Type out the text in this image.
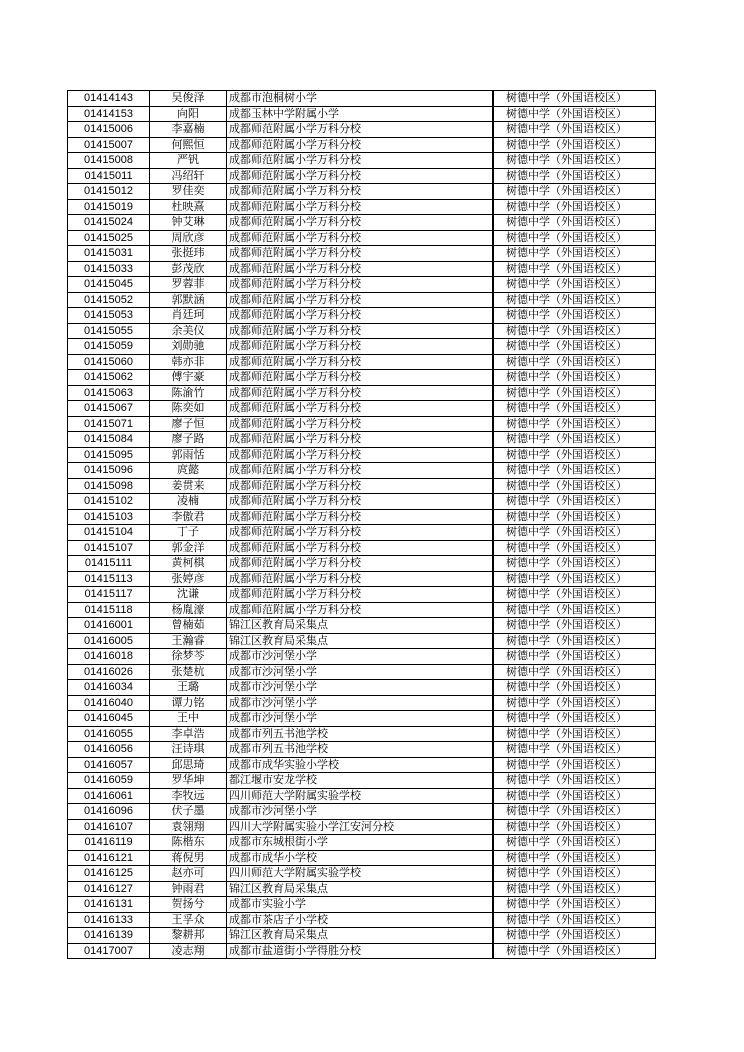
01414143	吴俊泽	成都市泡桐树小学		树德中学（外国语校区）
01414153	向阳	成都玉林中学附属小学		树德中学（外国语校区）
01415006	李嘉楠	成都师范附属小学万科分校		树德中学（外国语校区）
01415007	何熙恒	成都师范附属小学万科分校		树德中学（外国语校区）
01415008	严钒	成都师范附属小学万科分校		树德中学（外国语校区）
01415011	冯绍轩	成都师范附属小学万科分校		树德中学（外国语校区）
01415012	罗佳奕	成都师范附属小学万科分校		树德中学（外国语校区）
01415019	杜映熹	成都师范附属小学万科分校		树德中学（外国语校区）
01415024	钟艾琳	成都师范附属小学万科分校		树德中学（外国语校区）
01415025	周欣彦	成都师范附属小学万科分校		树德中学（外国语校区）
01415031	张挺玮	成都师范附属小学万科分校		树德中学（外国语校区）
01415033	彭茂欣	成都师范附属小学万科分校		树德中学（外国语校区）
01415045	罗蓉菲	成都师范附属小学万科分校		树德中学（外国语校区）
01415052	郭默涵	成都师范附属小学万科分校		树德中学（外国语校区）
01415053	肖廷珂	成都师范附属小学万科分校		树德中学（外国语校区）
01415055	余美仪	成都师范附属小学万科分校		树德中学（外国语校区）
01415059	刘勋驰	成都师范附属小学万科分校		树德中学（外国语校区）
01415060	韩亦非	成都师范附属小学万科分校		树德中学（外国语校区）
01415062	傅宇豪	成都师范附属小学万科分校		树德中学（外国语校区）
01415063	陈渝竹	成都师范附属小学万科分校		树德中学（外国语校区）
01415067	陈奕如	成都师范附属小学万科分校		树德中学（外国语校区）
01415071	廖子恒	成都师范附属小学万科分校		树德中学（外国语校区）
01415084	廖子路	成都师范附属小学万科分校		树德中学（外国语校区）
01415095	郭雨恬	成都师范附属小学万科分校		树德中学（外国语校区）
01415096	庹懿	成都师范附属小学万科分校		树德中学（外国语校区）
01415098	姜贯来	成都师范附属小学万科分校		树德中学（外国语校区）
01415102	凌楠	成都师范附属小学万科分校		树德中学（外国语校区）
01415103	李傲君	成都师范附属小学万科分校		树德中学（外国语校区）
01415104	丁子	成都师范附属小学万科分校		树德中学（外国语校区）
01415107	郭金洋	成都师范附属小学万科分校		树德中学（外国语校区）
01415111	黄柯棋	成都师范附属小学万科分校		树德中学（外国语校区）
01415113	张婷彦	成都师范附属小学万科分校		树德中学（外国语校区）
01415117	沈谦	成都师范附属小学万科分校		树德中学（外国语校区）
01415118	杨胤濠	成都师范附属小学万科分校		树德中学（外国语校区）
01416001	曾楠茹	锦江区教育局采集点		树德中学（外国语校区）
01416005	王瀚睿	锦江区教育局采集点		树德中学（外国语校区）
01416018	徐梦芩	成都市沙河堡小学		树德中学（外国语校区）
01416026	张楚杭	成都市沙河堡小学		树德中学（外国语校区）
01416034	王璐	成都市沙河堡小学		树德中学（外国语校区）
01416040	谭力铭	成都市沙河堡小学		树德中学（外国语校区）
01416045	王中	成都市沙河堡小学		树德中学（外国语校区）
01416055	李卓浩	成都市列五书池学校		树德中学（外国语校区）
01416056	汪诗琪	成都市列五书池学校		树德中学（外国语校区）
01416057	邱思琦	成都市成华实验小学校		树德中学（外国语校区）
01416059	罗华坤	都江堰市安龙学校		树德中学（外国语校区）
01416061	李牧远	四川师范大学附属实验学校		树德中学（外国语校区）
01416096	伏子墨	成都市沙河堡小学		树德中学（外国语校区）
01416107	袁翎翔	四川大学附属实验小学江安河分校		树德中学（外国语校区）
01416119	陈楷东	成都市东城根街小学		树德中学（外国语校区）
01416121	蒋倪男	成都市成华小学校		树德中学（外国语校区）
01416125	赵亦可	四川师范大学附属实验学校		树德中学（外国语校区）
01416127	钟雨君	锦江区教育局采集点		树德中学（外国语校区）
01416131	贺扬兮	成都市实验小学		树德中学（外国语校区）
01416133	王孚众	成都市茶店子小学校		树德中学（外国语校区）
01416139	黎耕邦	锦江区教育局采集点		树德中学（外国语校区）
01417007	凌志翔	成都市盐道街小学得胜分校		树德中学（外国语校区）
